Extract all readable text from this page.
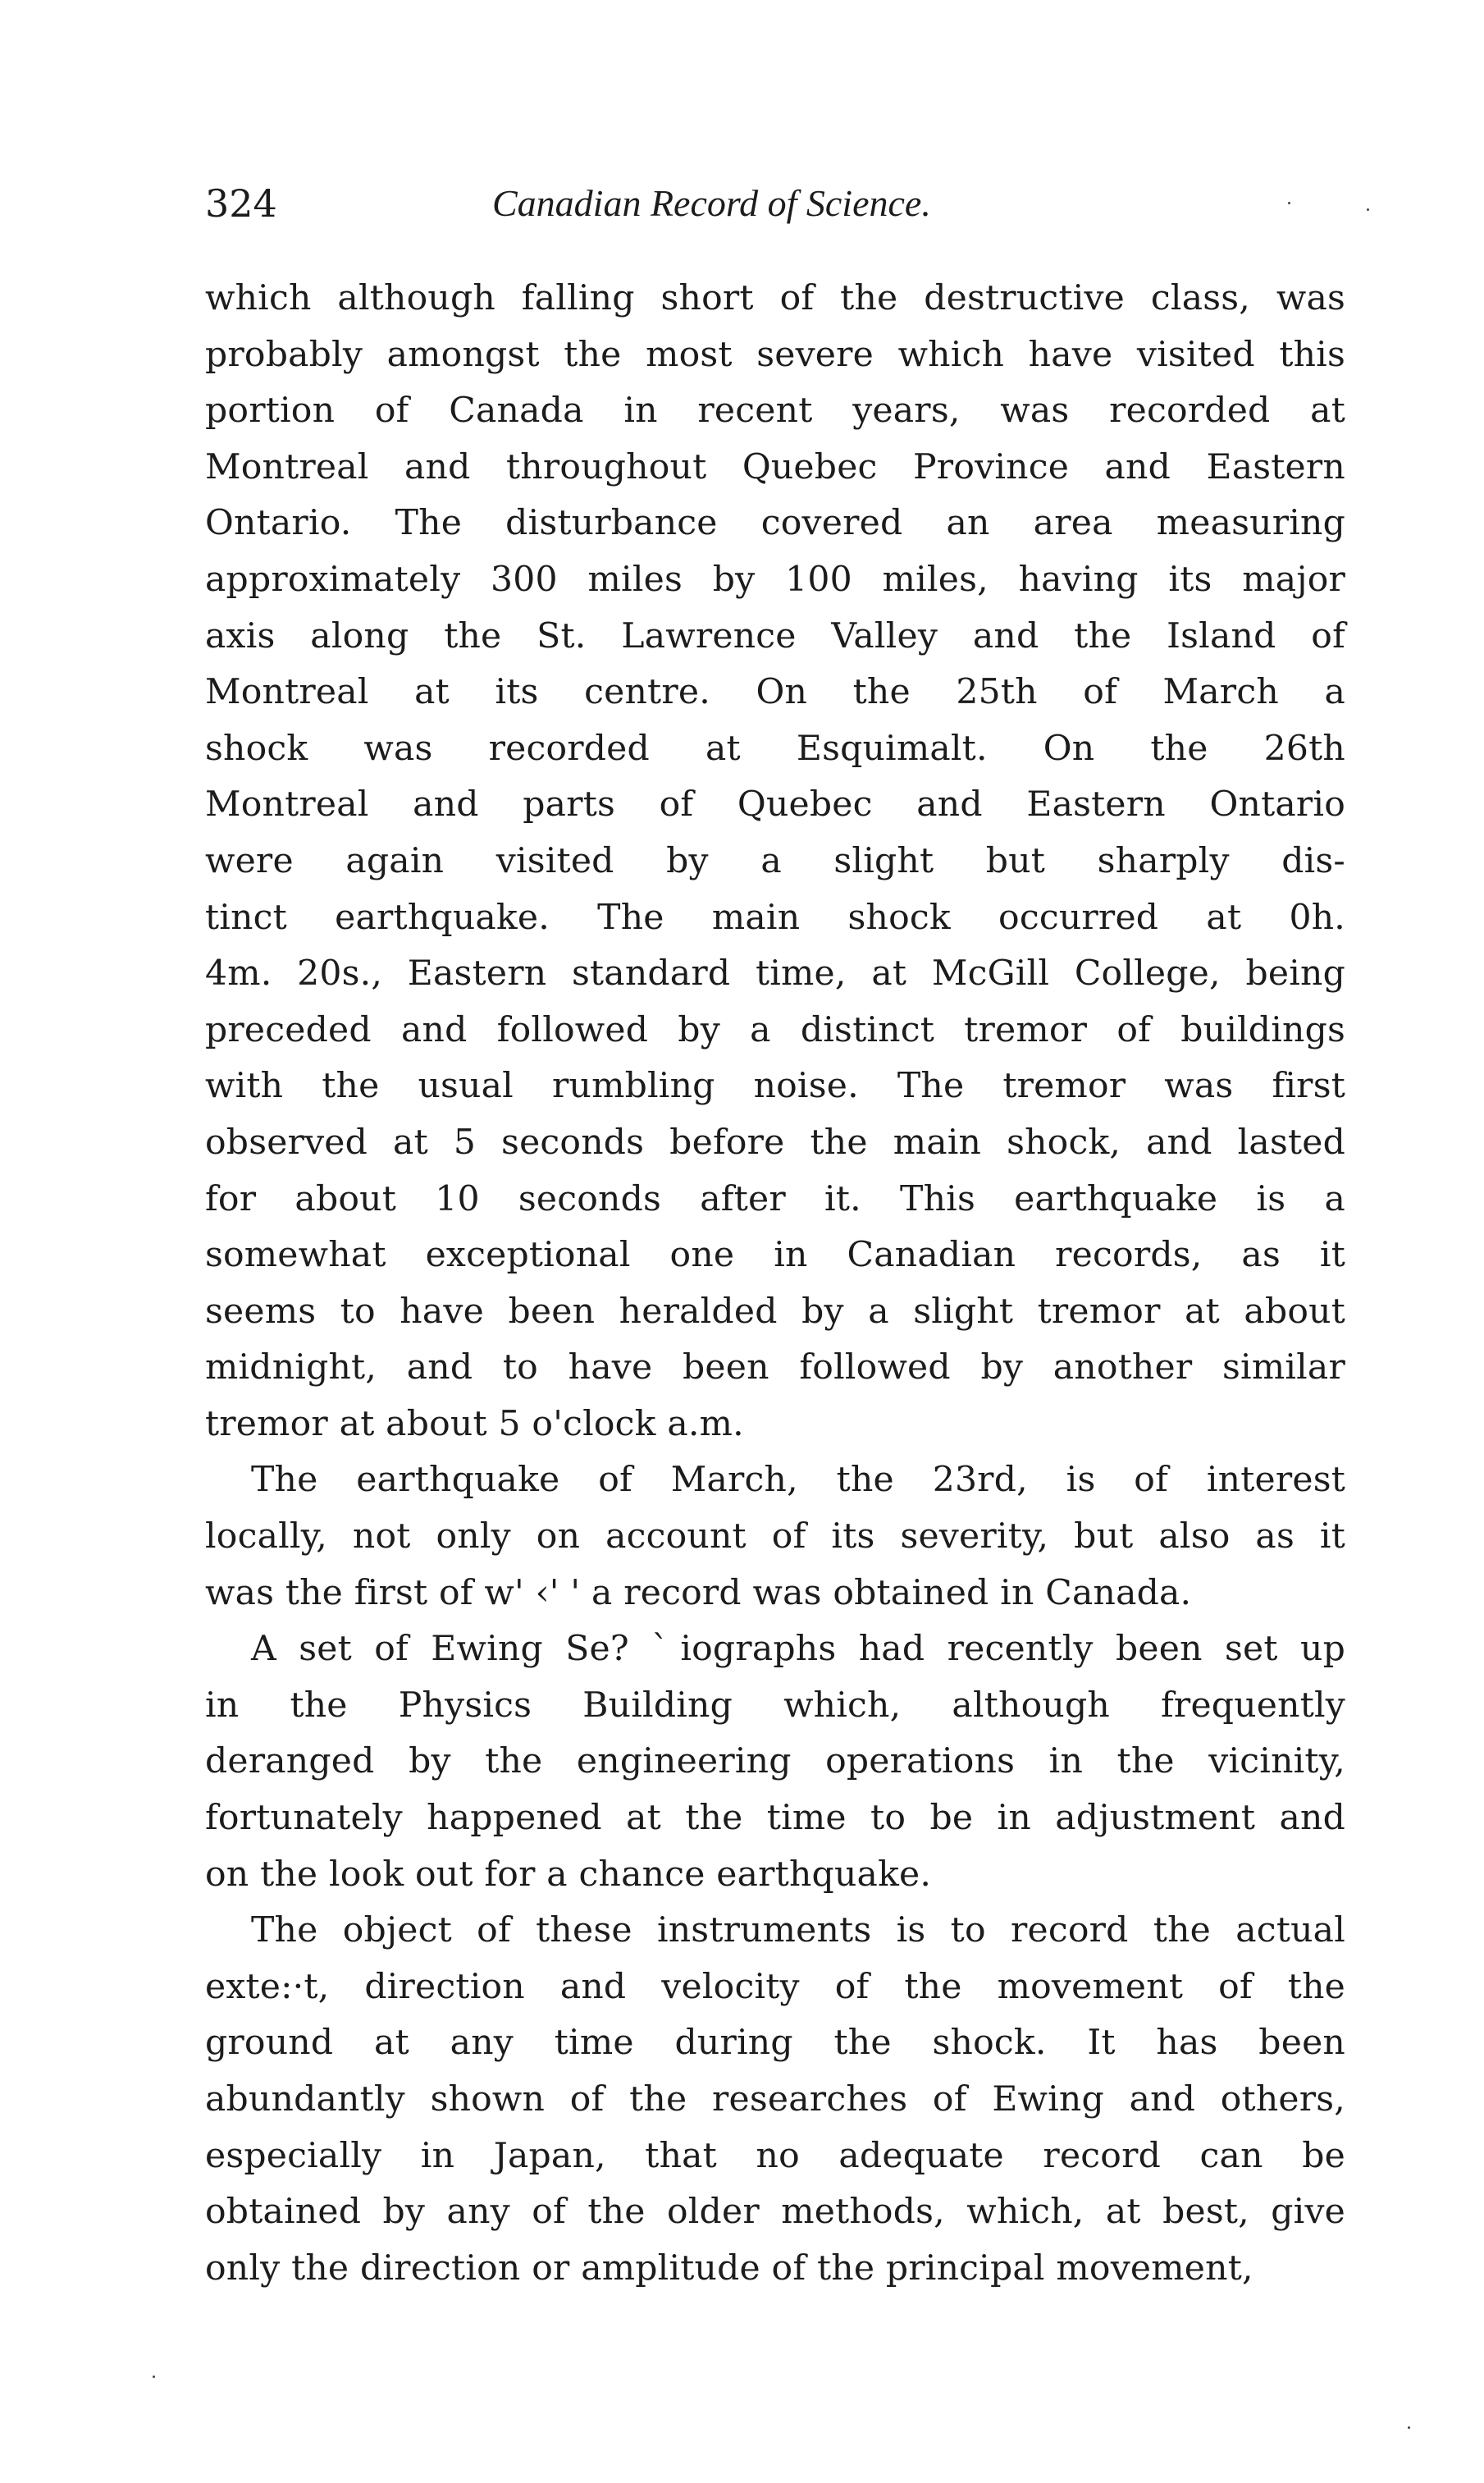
324	Canadian Record of Science.
which although falling short of the destructive class, was
probably amongst the most severe which have visited this
portion of Canada in recent years, was recorded at
Montreal and throughout Quebec Province and Eastern
Ontario. The disturbance covered an area measuring
approximately 300 miles by 100 miles, having its major
axis along the St. Lawrence Valley and the Island of
Montreal at its centre. On the 25th of March a
shock was recorded at Esquimalt. On the 26th
Montreal and parts of Quebec and Eastern Ontario
were again visited by a slight but sharply dis-
tinct earthquake. The main shock occurred at 0h.
4m. 20s., Eastern standard time, at McGill College, being
preceded and followed by a distinct tremor of buildings
with the usual rumbling noise. The tremor was first
observed at 5 seconds before the main shock, and lasted
for about 10 seconds after it. This earthquake is a
somewhat exceptional one in Canadian records, as it
seems to have been heralded by a slight tremor at about
midnight, and to have been followed by another similar
tremor at about 5 o'clock a.m.
The earthquake of March, the 23rd, is of interest
locally, not only on account of its severity, but also as it
was the first of w' ‹' ' a record was obtained in Canada.
A set of Ewing Se? ˋiographs had recently been set up
in the Physics Building which, although frequently
deranged by the engineering operations in the vicinity,
fortunately happened at the time to be in adjustment and
on the look out for a chance earthquake.
The object of these instruments is to record the actual
exte:·t, direction and velocity of the movement of the
ground at any time during the shock. It has been
abundantly shown of the researches of Ewing and others,
especially in Japan, that no adequate record can be
obtained by any of the older methods, which, at best, give
only the direction or amplitude of the principal movement,
